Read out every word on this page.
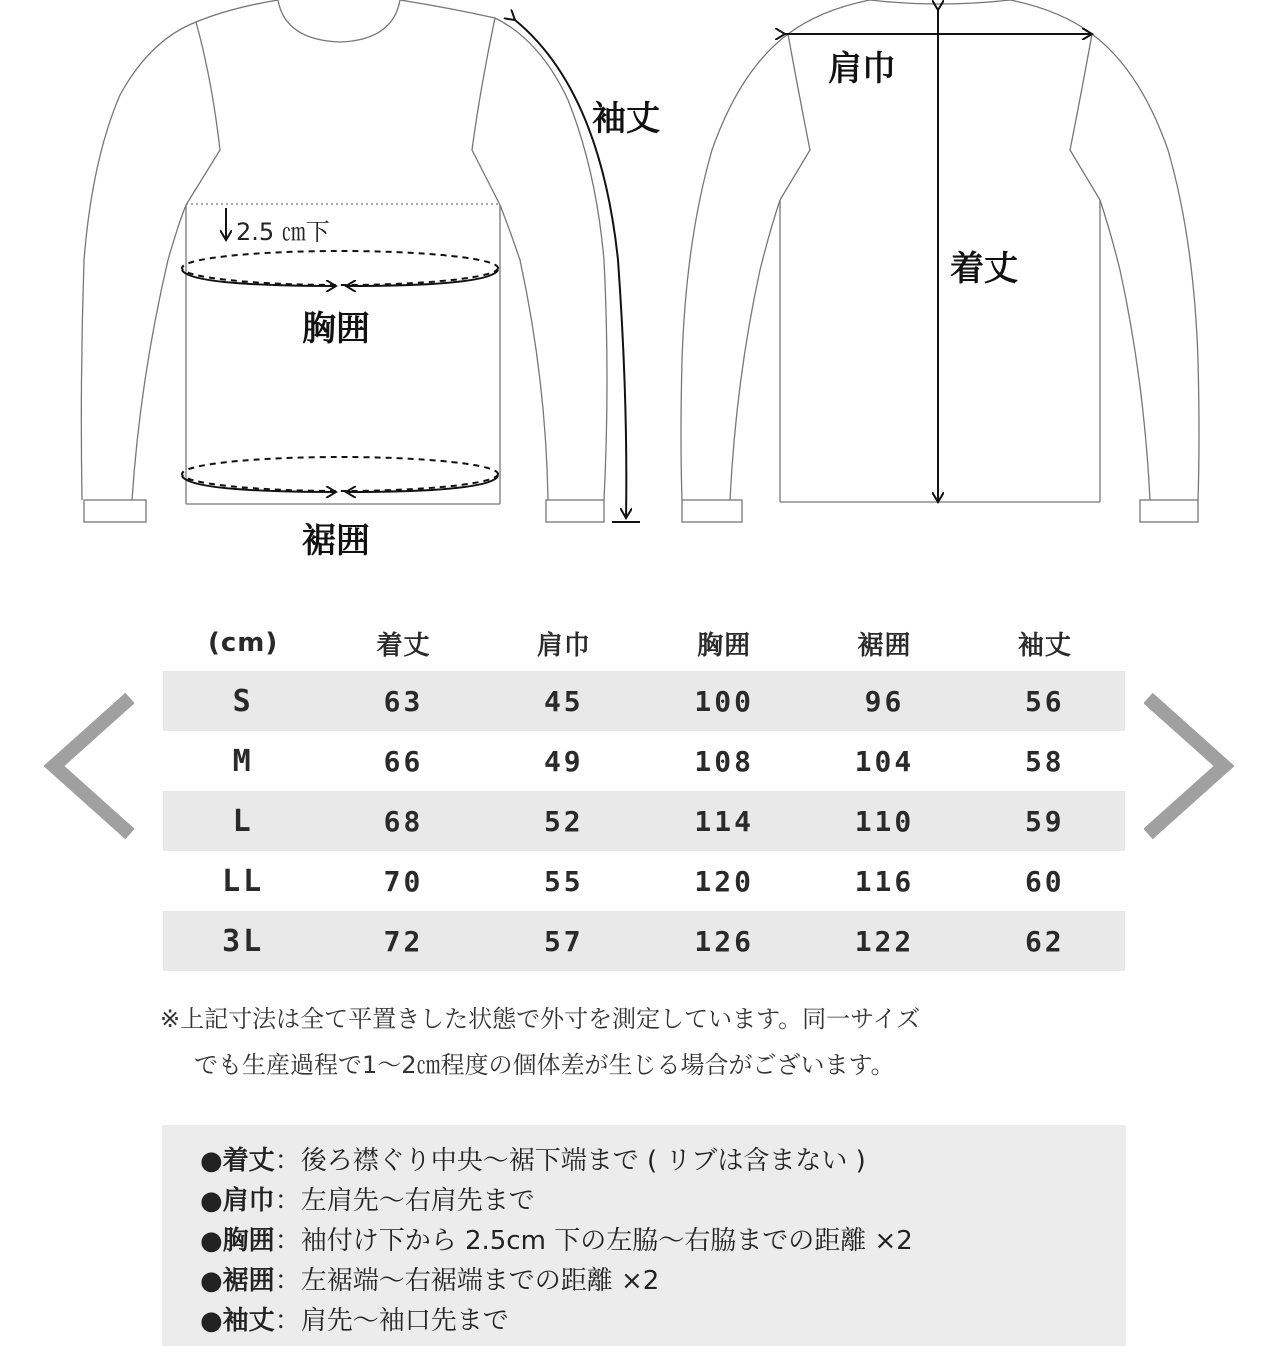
袖丈
肩巾
2.5 ㎝下
胸囲
裾囲
着丈
(cm)	着丈	肩巾	胸囲	裾囲	袖丈
S	63	45	100	96	56
M	66	49	108	104	58
L	68	52	114	110	59
LL	70	55	120	116	60
3L	72	57	126	122	62
※上記寸法は全て平置きした状態で外寸を測定しています。同一サイズ
でも生産過程で1～2㎝程度の個体差が生じる場合がございます。
●着丈：後ろ襟ぐり中央～裾下端まで ( リブは含まない )
●肩巾：左肩先～右肩先まで
●胸囲：袖付け下から 2.5cm 下の左脇～右脇までの距離 ×2
●裾囲：左裾端～右裾端までの距離 ×2
●袖丈：肩先～袖口先まで
